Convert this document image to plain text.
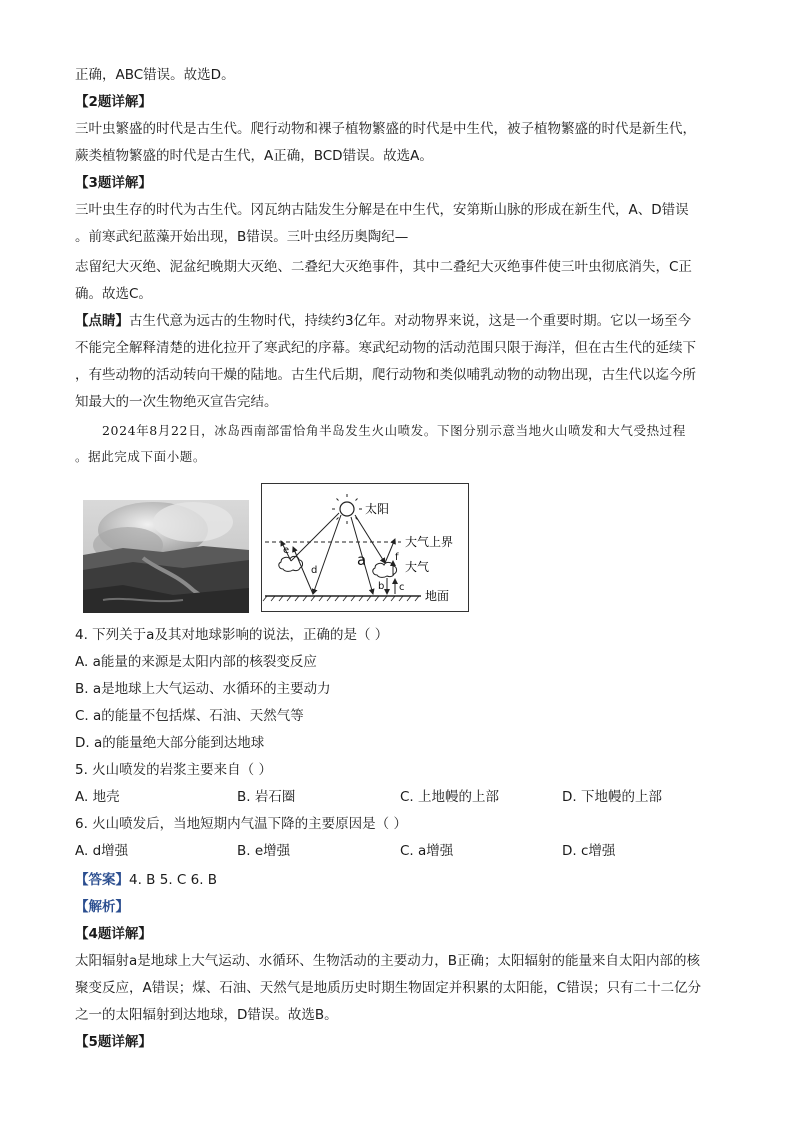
正确，ABC错误。故选D。
【2题详解】
三叶虫繁盛的时代是古生代。爬行动物和裸子植物繁盛的时代是中生代，被子植物繁盛的时代是新生代，
蕨类植物繁盛的时代是古生代，A正确，BCD错误。故选A。
【3题详解】
三叶虫生存的时代为古生代。冈瓦纳古陆发生分解是在中生代，安第斯山脉的形成在新生代，A、D错误
。前寒武纪蓝藻开始出现，B错误。三叶虫经历奥陶纪—
志留纪大灭绝、泥盆纪晚期大灭绝、二叠纪大灭绝事件，其中二叠纪大灭绝事件使三叶虫彻底消失，C正
确。故选C。
【点睛】古生代意为远古的生物时代，持续约3亿年。对动物界来说，这是一个重要时期。它以一场至今
不能完全解释清楚的进化拉开了寒武纪的序幕。寒武纪动物的活动范围只限于海洋，但在古生代的延续下
，有些动物的活动转向干燥的陆地。古生代后期，爬行动物和类似哺乳动物的动物出现，古生代以迄今所
知最大的一次生物绝灭宣告完结。
2024年8月22日，冰岛西南部雷恰角半岛发生火山喷发。下图分别示意当地火山喷发和大气受热过程
。据此完成下面小题。
太阳
大气上界
地面
大气
a
b c
d
e
f
4. 下列关于a及其对地球影响的说法，正确的是（ ）
A. a能量的来源是太阳内部的核裂变反应
B. a是地球上大气运动、水循环的主要动力
C. a的能量不包括煤、石油、天然气等
D. a的能量绝大部分能到达地球
5. 火山喷发的岩浆主要来自（ ）
A. 地壳	B. 岩石圈	C. 上地幔的上部	D. 下地幔的上部
6. 火山喷发后，当地短期内气温下降的主要原因是（ ）
A. d增强	B. e增强	C. a增强	D. c增强
【答案】4. B 5. C 6. B
【解析】
【4题详解】
太阳辐射a是地球上大气运动、水循环、生物活动的主要动力，B正确；太阳辐射的能量来自太阳内部的核
聚变反应，A错误；煤、石油、天然气是地质历史时期生物固定并积累的太阳能，C错误；只有二十二亿分
之一的太阳辐射到达地球，D错误。故选B。
【5题详解】
